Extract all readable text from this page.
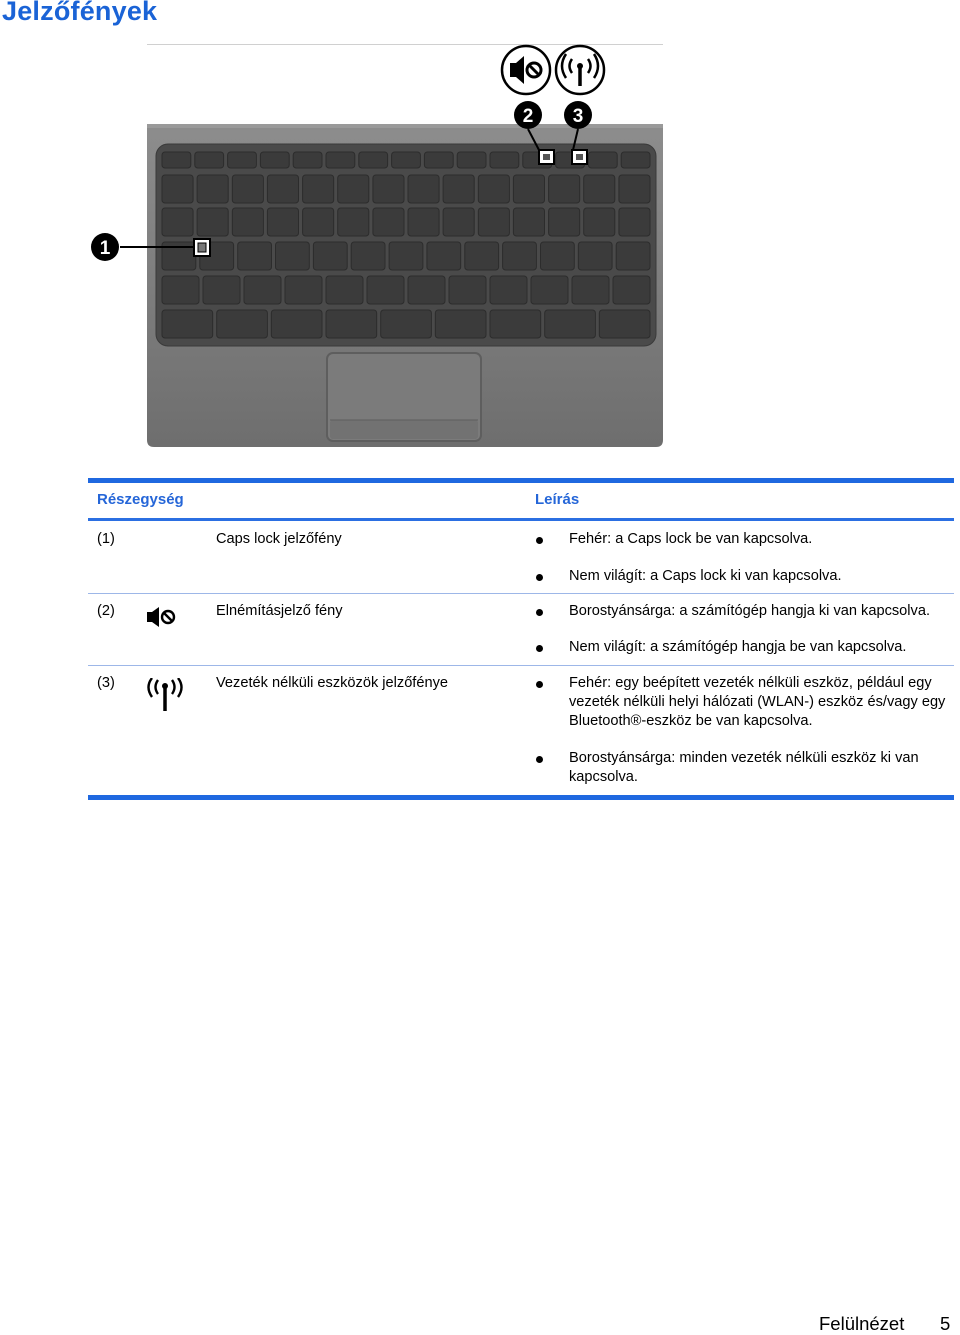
Jelzőfények
1
2 3
Részegység	Leírás
(1)	Caps lock jelzőfény	Fehér: a Caps lock be van kapcsolva.
Nem világít: a Caps lock ki van kapcsolva.
(2)	Elnémításjelző fény	Borostyánsárga: a számítógép hangja ki van kapcsolva.
Nem világít: a számítógép hangja be van kapcsolva.
(3)	Vezeték nélküli eszközök jelzőfénye	Fehér: egy beépített vezeték nélküli eszköz, például egy vezeték nélküli helyi hálózati (WLAN-) eszköz és/vagy egy Bluetooth®-eszköz be van kapcsolva.
Borostyánsárga: minden vezeték nélküli eszköz ki van kapcsolva.
Felülnézet 5
